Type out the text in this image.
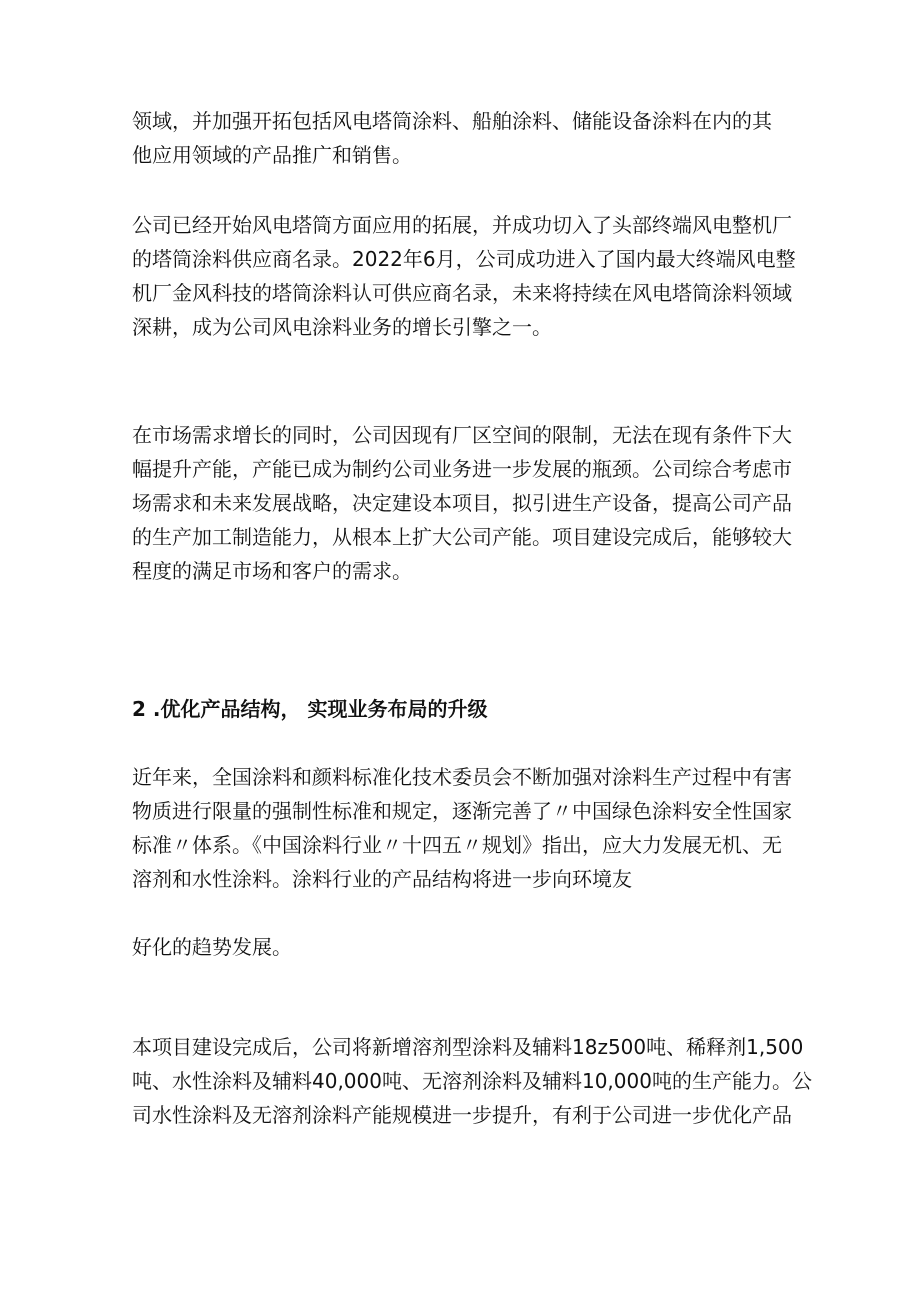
领域，并加强开拓包括风电塔筒涂料、船舶涂料、储能设备涂料在内的其
他应用领域的产品推广和销售。

公司已经开始风电塔筒方面应用的拓展，并成功切入了头部终端风电整机厂
的塔筒涂料供应商名录。2022年6月，公司成功进入了国内最大终端风电整
机厂金风科技的塔筒涂料认可供应商名录，未来将持续在风电塔筒涂料领域
深耕，成为公司风电涂料业务的增长引擎之一。

在市场需求增长的同时，公司因现有厂区空间的限制，无法在现有条件下大
幅提升产能，产能已成为制约公司业务进一步发展的瓶颈。公司综合考虑市
场需求和未来发展战略，决定建设本项目，拟引进生产设备，提高公司产品
的生产加工制造能力，从根本上扩大公司产能。项目建设完成后，能够较大
程度的满足市场和客户的需求。

2 .优化产品结构， 实现业务布局的升级

近年来，全国涂料和颜料标准化技术委员会不断加强对涂料生产过程中有害
物质进行限量的强制性标准和规定，逐渐完善了〃中国绿色涂料安全性国家
标准〃体系。《中国涂料行业〃十四五〃规划》指出，应大力发展无机、无
溶剂和水性涂料。涂料行业的产品结构将进一步向环境友

好化的趋势发展。

本项目建设完成后，公司将新增溶剂型涂料及辅料18z500吨、稀释剂1,500
吨、水性涂料及辅料40,000吨、无溶剂涂料及辅料10,000吨的生产能力。公
司水性涂料及无溶剂涂料产能规模进一步提升，有利于公司进一步优化产品
